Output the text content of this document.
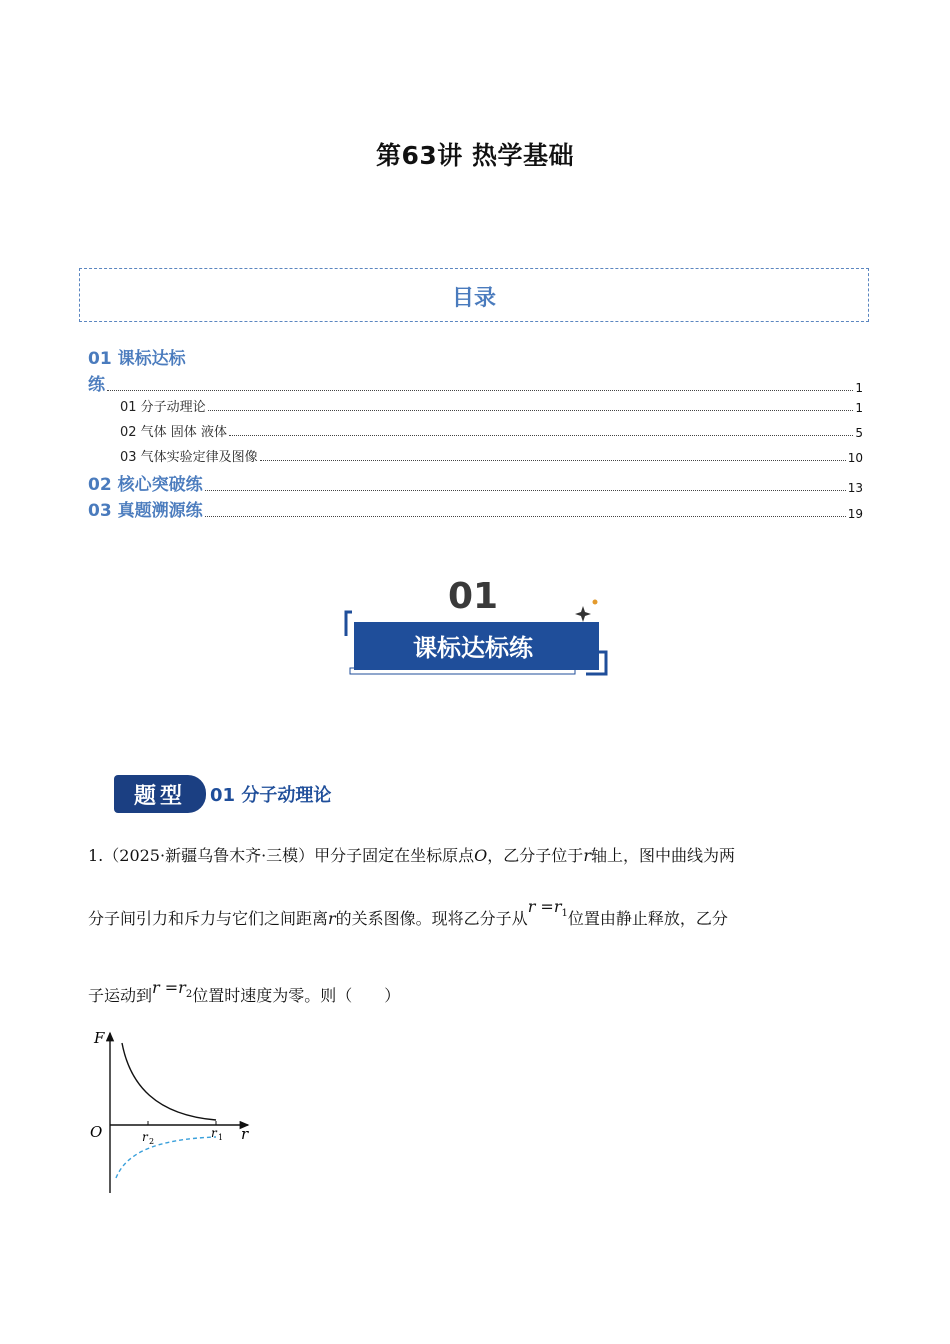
第63讲 热学基础
目录
01 课标达标
练	1
01 分子动理论	1
02 气体 固体 液体	5
03 气体实验定律及图像	10
02 核心突破练	13
03 真题溯源练	19
01
课标达标练
题型	01 分子动理论
1.（2025·新疆乌鲁木齐·三模）甲分子固定在坐标原点O，乙分子位于r轴上，图中曲线为两
分子间引力和斥力与它们之间距离r的关系图像。现将乙分子从$r =r_1$位置由静止释放，乙分
子运动到$r =r_2$位置时速度为零。则（　　）
F
O	r
r 2
r 1
